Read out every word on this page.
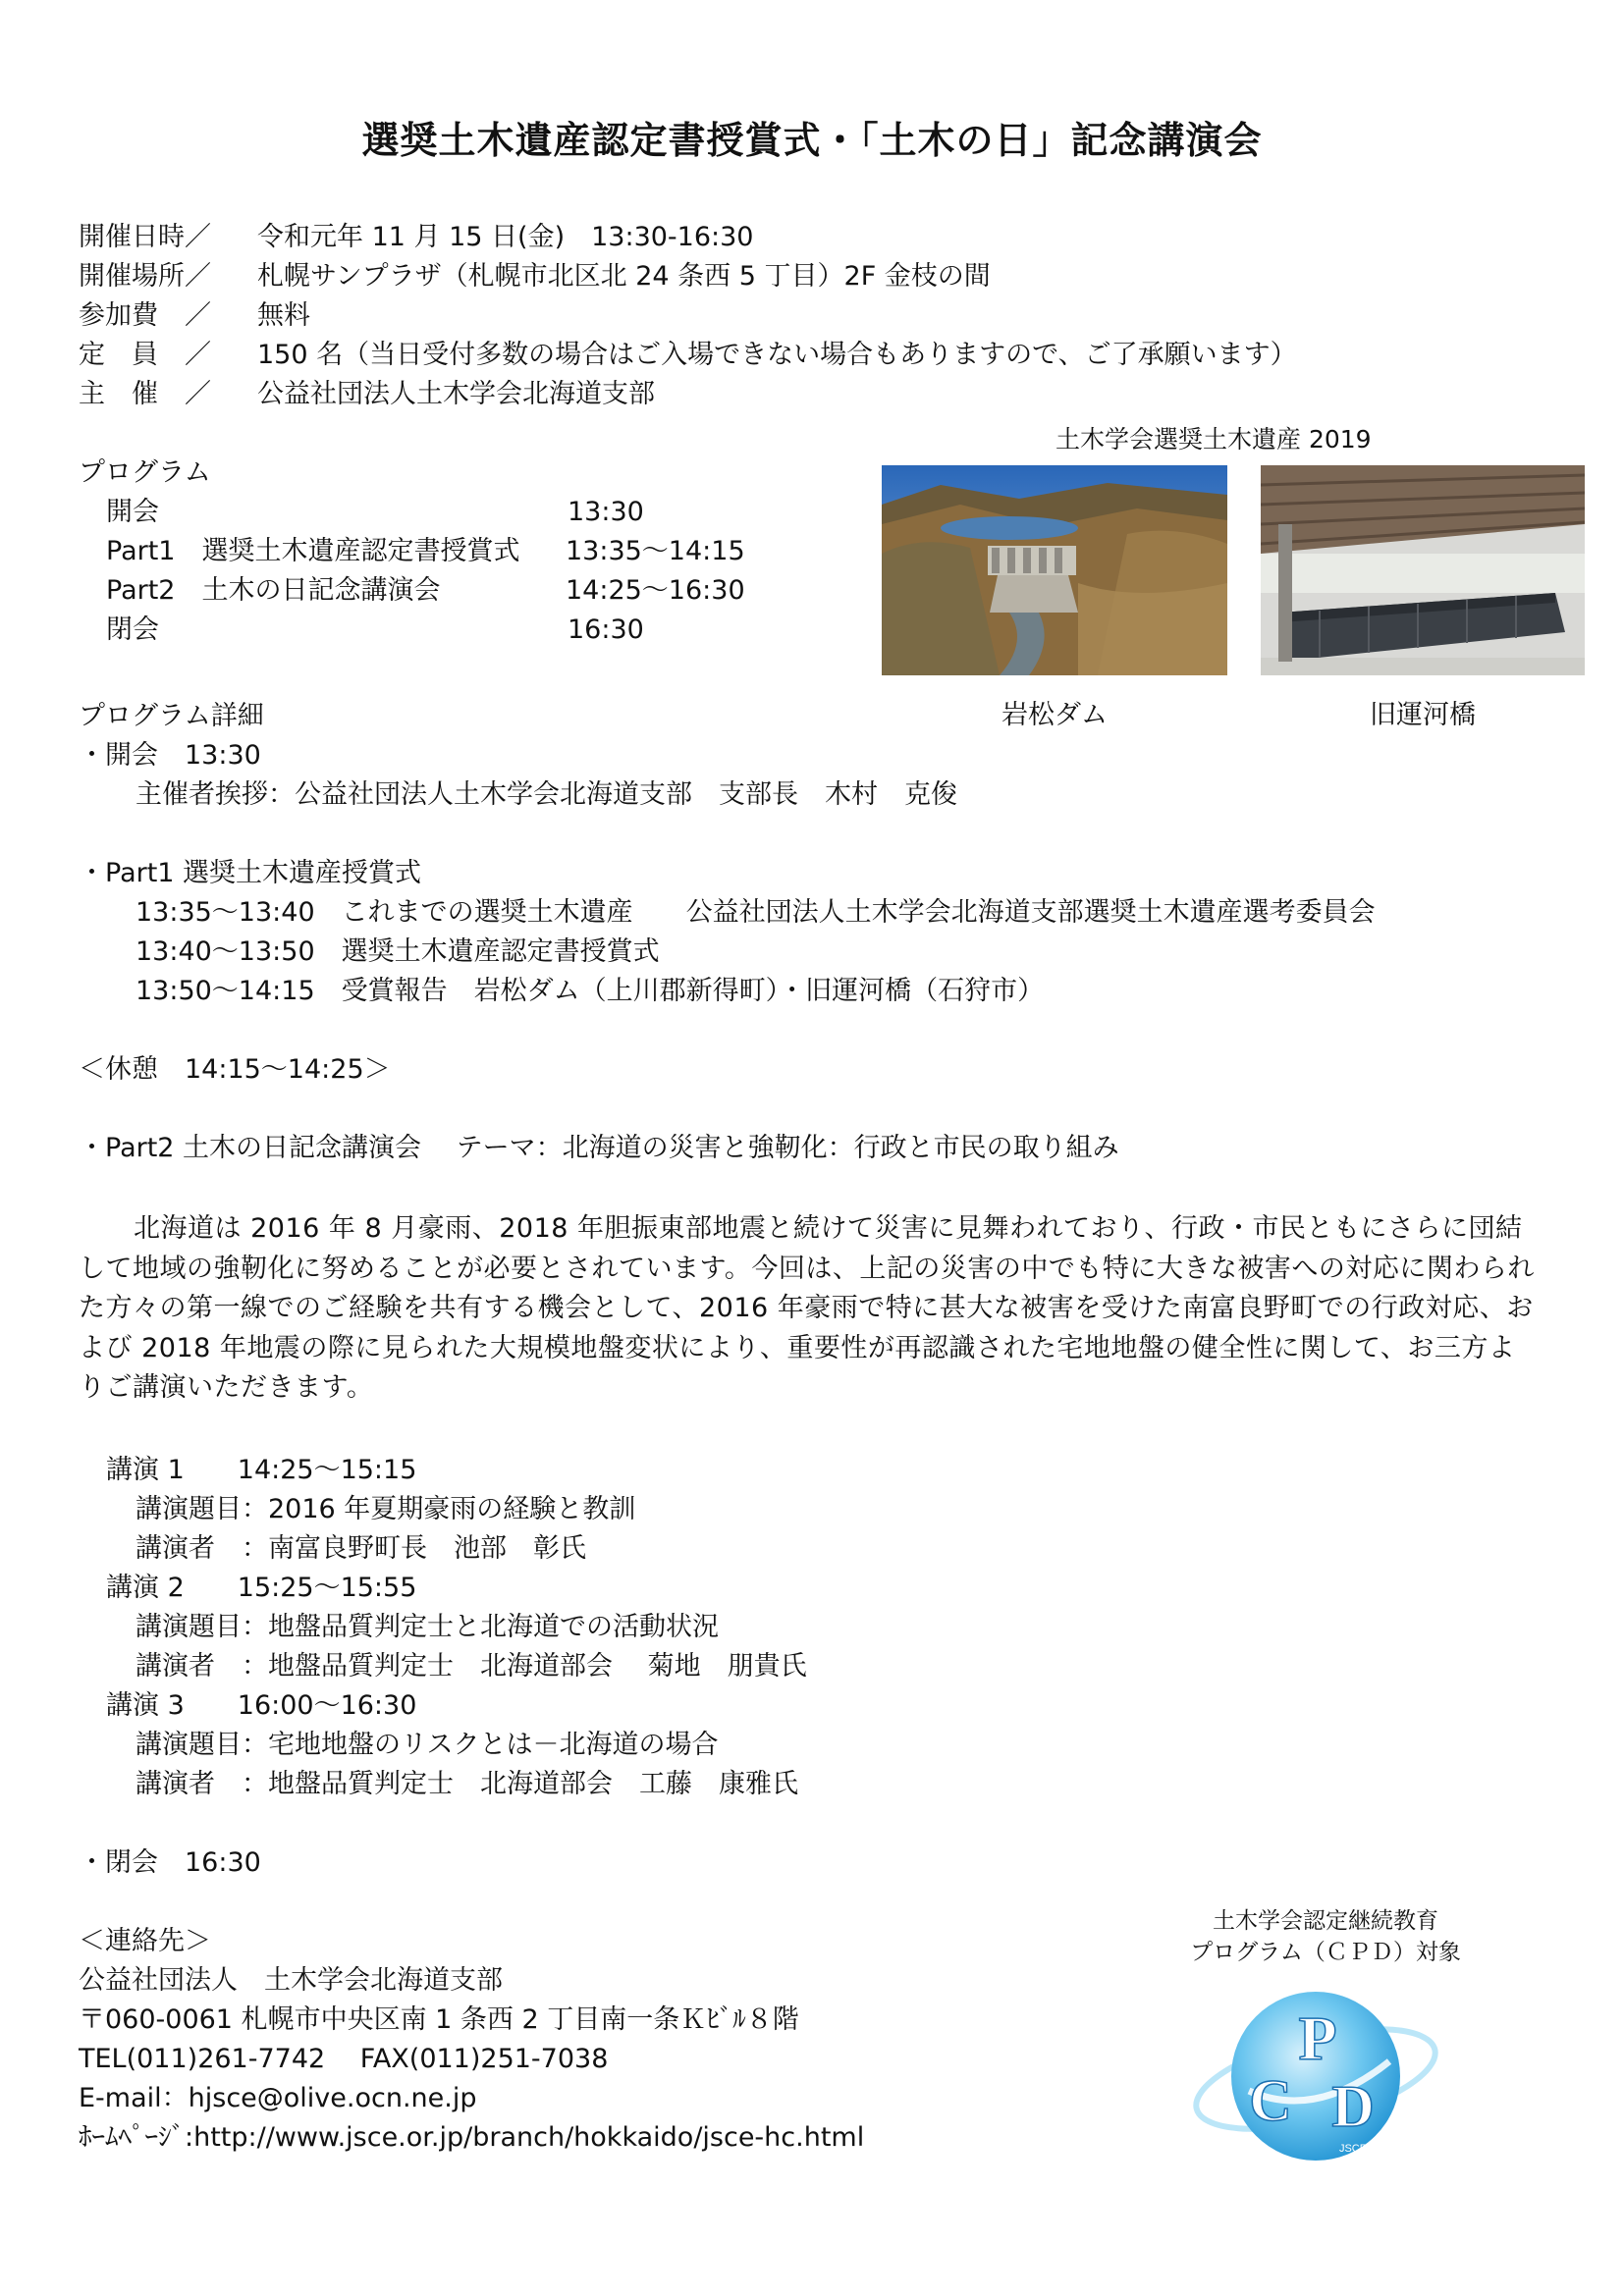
選奨土木遺産認定書授賞式・「土木の日」記念講演会
開催日時／ 令和元年 11 月 15 日(金)　13:30-16:30
開催場所／ 札幌サンプラザ（札幌市北区北 24 条西 5 丁目）2F 金枝の間
参加費　／ 無料
定　員　／ 150 名（当日受付多数の場合はご入場できない場合もありますので、ご了承願います）
主　催　／ 公益社団法人土木学会北海道支部
プログラム
開会	13:30
Part1　選奨土木遺産認定書授賞式 13:35～14:15
Part2　土木の日記念講演会	14:25～16:30
閉会	16:30
土木学会選奨土木遺産 2019
岩松ダム	旧運河橋
プログラム詳細
・開会　13:30
主催者挨拶：公益社団法人土木学会北海道支部　支部長　木村　克俊
・Part1 選奨土木遺産授賞式
13:35～13:40　これまでの選奨土木遺産　　公益社団法人土木学会北海道支部選奨土木遺産選考委員会
13:40～13:50　選奨土木遺産認定書授賞式
13:50～14:15　受賞報告　岩松ダム（上川郡新得町）・旧運河橋（石狩市）
＜休憩　14:15～14:25＞
・Part2 土木の日記念講演会　 テーマ：北海道の災害と強靭化：行政と市民の取り組み
北海道は 2016 年 8 月豪雨、2018 年胆振東部地震と続けて災害に見舞われており、行政・市民ともにさらに団結して地域の強靭化に努めることが必要とされています。今回は、上記の災害の中でも特に大きな被害への対応に関わられた方々の第一線でのご経験を共有する機会として、2016 年豪雨で特に甚大な被害を受けた南富良野町での行政対応、および 2018 年地震の際に見られた大規模地盤変状により、重要性が再認識された宅地地盤の健全性に関して、お三方よりご講演いただきます。
講演 1　　14:25～15:15
講演題目：2016 年夏期豪雨の経験と教訓
講演者　：南富良野町長　池部　彰氏
講演 2　　15:25～15:55
講演題目：地盤品質判定士と北海道での活動状況
講演者　：地盤品質判定士　北海道部会　 菊地　朋貴氏
講演 3　　16:00～16:30
講演題目：宅地地盤のリスクとは－北海道の場合
講演者　：地盤品質判定士　北海道部会　工藤　康雅氏
・閉会　16:30
＜連絡先＞
公益社団法人　土木学会北海道支部
〒060-0061 札幌市中央区南 1 条西 2 丁目南一条Ｋﾋﾞﾙ８階
TEL(011)261-7742　 FAX(011)251-7038
E-mail：hjsce@olive.ocn.ne.jp
ﾎｰﾑﾍﾟｰｼﾞ:http://www.jsce.or.jp/branch/hokkaido/jsce-hc.html
土木学会認定継続教育
プログラム（ＣＰＤ）対象
P
C D
JSCE
